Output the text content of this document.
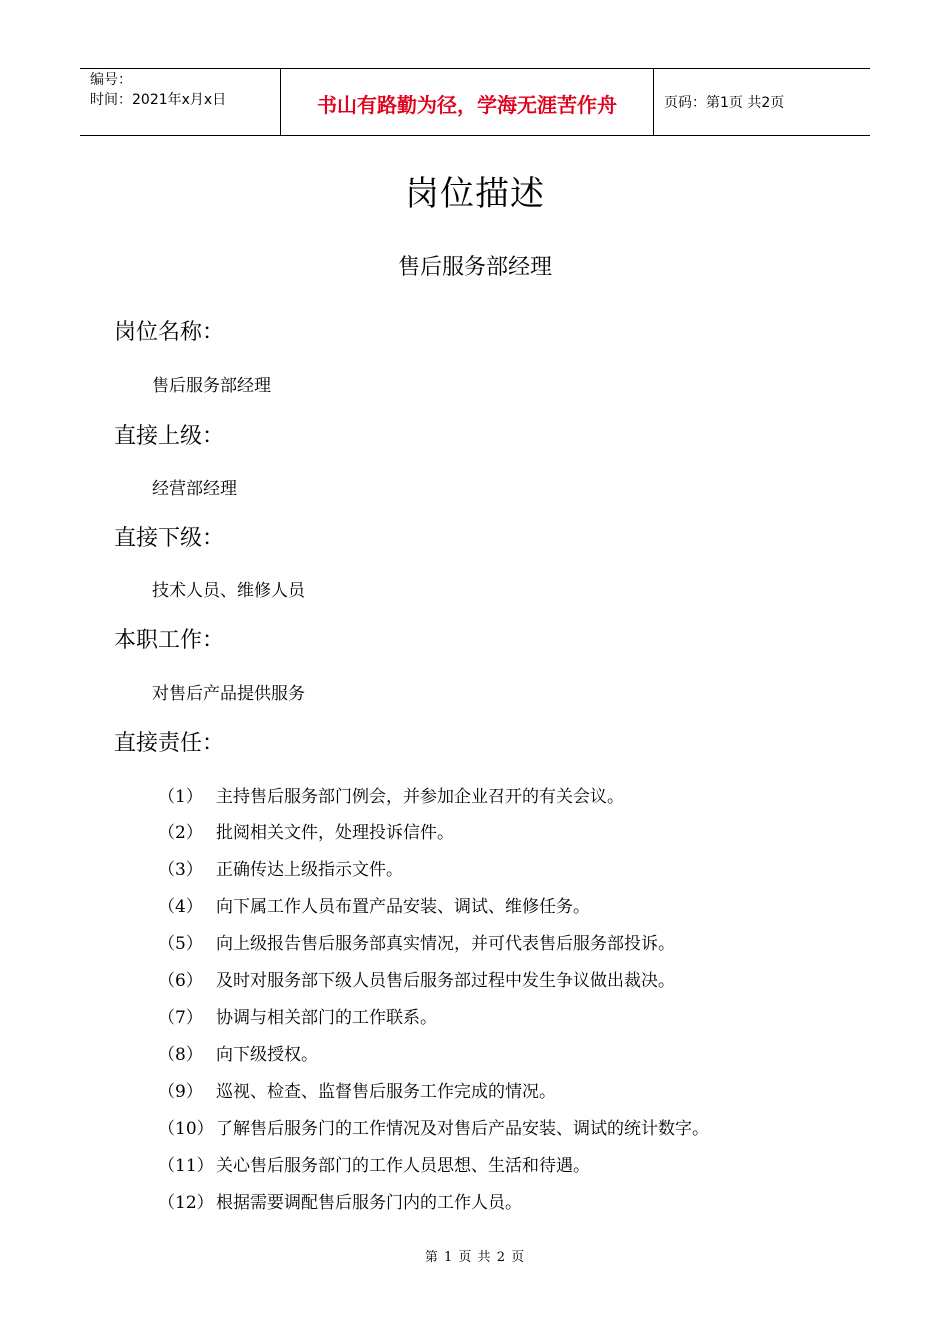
编号：
时间：2021年x月x日	书山有路勤为径，学海无涯苦作舟	页码：第1页 共2页
岗位描述
售后服务部经理
岗位名称：
售后服务部经理
直接上级：
经营部经理
直接下级：
技术人员、维修人员
本职工作：
对售后产品提供服务
直接责任：
（1） 主持售后服务部门例会，并参加企业召开的有关会议。
（2） 批阅相关文件，处理投诉信件。
（3） 正确传达上级指示文件。
（4） 向下属工作人员布置产品安装、调试、维修任务。
（5） 向上级报告售后服务部真实情况，并可代表售后服务部投诉。
（6） 及时对服务部下级人员售后服务部过程中发生争议做出裁决。
（7） 协调与相关部门的工作联系。
（8） 向下级授权。
（9） 巡视、检查、监督售后服务工作完成的情况。
（10） 了解售后服务门的工作情况及对售后产品安装、调试的统计数字。
（11） 关心售后服务部门的工作人员思想、生活和待遇。
（12） 根据需要调配售后服务门内的工作人员。
第 1 页 共 2 页
